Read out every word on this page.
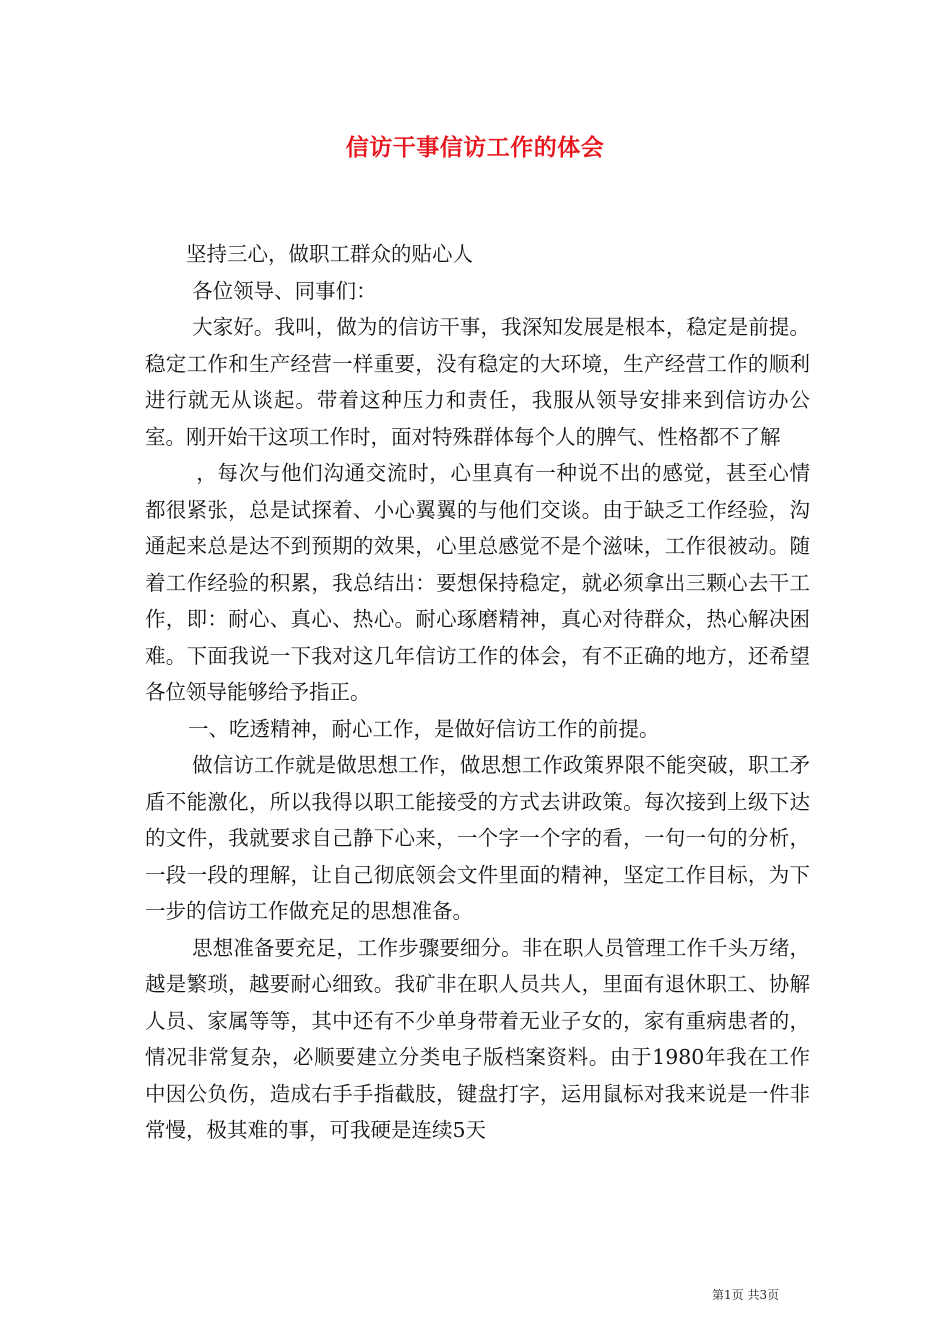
信访干事信访工作的体会

坚持三心，做职工群众的贴心人

各位领导、同事们：

大家好。我叫，做为的信访干事，我深知发展是根本，稳定是前提。稳定工作和生产经营一样重要，没有稳定的大环境，生产经营工作的顺利进行就无从谈起。带着这种压力和责任，我服从领导安排来到信访办公室。刚开始干这项工作时，面对特殊群体每个人的脾气、性格都不了解

，每次与他们沟通交流时，心里真有一种说不出的感觉，甚至心情都很紧张，总是试探着、小心翼翼的与他们交谈。由于缺乏工作经验，沟通起来总是达不到预期的效果，心里总感觉不是个滋味，工作很被动。随着工作经验的积累，我总结出：要想保持稳定，就必须拿出三颗心去干工作，即：耐心、真心、热心。耐心琢磨精神，真心对待群众，热心解决困难。下面我说一下我对这几年信访工作的体会，有不正确的地方，还希望各位领导能够给予指正。

一、吃透精神，耐心工作，是做好信访工作的前提。

做信访工作就是做思想工作，做思想工作政策界限不能突破，职工矛盾不能激化，所以我得以职工能接受的方式去讲政策。每次接到上级下达的文件，我就要求自己静下心来，一个字一个字的看，一句一句的分析，一段一段的理解，让自己彻底领会文件里面的精神，坚定工作目标，为下一步的信访工作做充足的思想准备。

思想准备要充足，工作步骤要细分。非在职人员管理工作千头万绪，越是繁琐，越要耐心细致。我矿非在职人员共人，里面有退休职工、协解人员、家属等等，其中还有不少单身带着无业子女的，家有重病患者的，情况非常复杂，必顺要建立分类电子版档案资料。由于1980年我在工作中因公负伤，造成右手手指截肢，键盘打字，运用鼠标对我来说是一件非常慢，极其难的事，可我硬是连续5天

第1页 共3页
